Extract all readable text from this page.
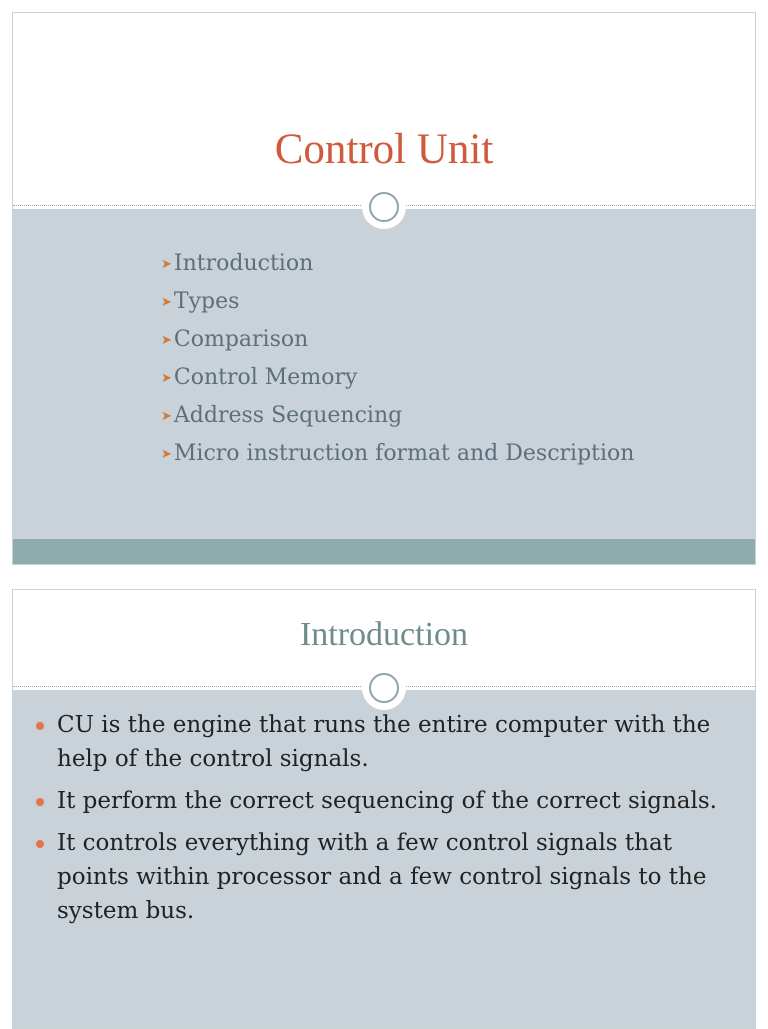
Control Unit
➤Introduction
➤Types
➤Comparison
➤Control Memory
➤Address Sequencing
➤Micro instruction format and Description
Introduction
CU is the engine that runs the entire computer with the help of the control signals.
It perform the correct sequencing of the correct signals.
It controls everything with a few control signals that points within processor and a few control signals to the system bus.
